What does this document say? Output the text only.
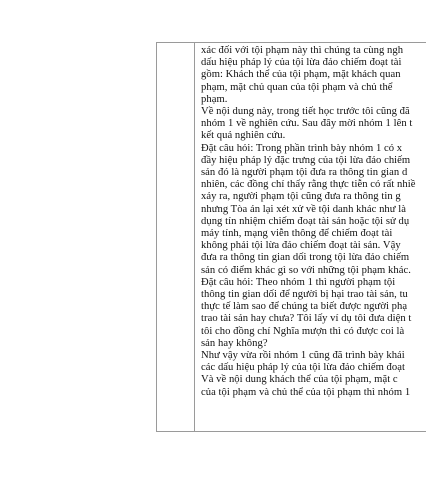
xác đối với tội phạm này thì chúng ta cùng ngh
dấu hiệu pháp lý của tội lừa đảo chiếm đoạt tài
gồm: Khách thể của tội phạm, mặt khách quan
phạm, mặt chủ quan của tội phạm và chủ thể
phạm.
Về nội dung này, trong tiết học trước tôi cũng đã
nhóm 1 về nghiên cứu. Sau đây mời nhóm 1 lên t
kết quả nghiên cứu.
Đặt câu hỏi: Trong phần trình bày nhóm 1 có x
đầy hiệu pháp lý đặc trưng của tội lừa đảo chiếm
sản đó là người phạm tội đưa ra thông tin gian d
nhiên, các đồng chí thấy rằng thực tiễn có rất nhiề
xảy ra, người phạm tội cũng đưa ra thông tin g
nhưng Tòa án lại xét xử về tội danh khác như là
dụng tín nhiệm chiếm đoạt tài sản hoặc tội sử dụ
máy tính, mạng viễn thông để chiếm đoạt tài
không phải tội lừa đảo chiếm đoạt tài sản. Vậy
đưa ra thông tin gian dối trong tội lừa đảo chiếm
sản có điểm khác gì so với những tội phạm khác.
Đặt câu hỏi: Theo nhóm 1 thì người phạm tội
thông tin gian dối để người bị hại trao tài sản, tu
thực tế làm sao để chúng ta biết được người phạ
trao tài sản hay chưa? Tôi lấy ví dụ tôi đưa diện t
tôi cho đồng chí Nghĩa mượn thì có được coi là
sản hay không?
Như vậy vừa rồi nhóm 1 cũng đã trình bày khái
các dấu hiệu pháp lý của tội lừa đảo chiếm đoạt
Và về nội dung khách thể của tội phạm, mặt c
của tội phạm và chủ thể của tội phạm thì nhóm 1
